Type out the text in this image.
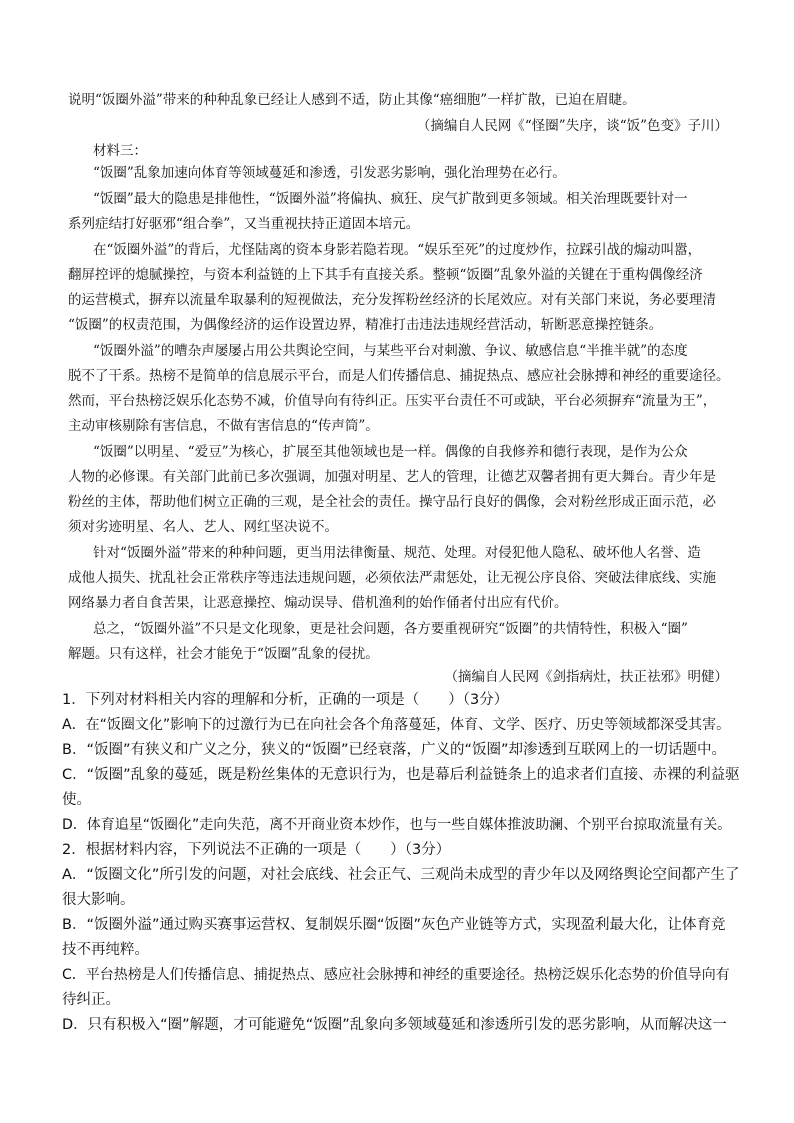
说明“饭圈外溢”带来的种种乱象已经让人感到不适，防止其像“癌细胞”一样扩散，已迫在眉睫。
（摘编自人民网《“怪圈”失序，谈“饭”色变》子川）
材料三：
“饭圈”乱象加速向体育等领域蔓延和渗透，引发恶劣影响，强化治理势在必行。
“饭圈”最大的隐患是排他性，“饭圈外溢”将偏执、疯狂、戾气扩散到更多领域。相关治理既要针对一
系列症结打好驱邪“组合拳”，又当重视扶持正道固本培元。
在“饭圈外溢”的背后，尤怪陆离的资本身影若隐若现。“娱乐至死”的过度炒作，拉踩引战的煽动叫嚣，
翻屏控评的熄腻操控，与资本利益链的上下其手有直接关系。整顿“饭圈”乱象外溢的关键在于重构偶像经济
的运营模式，摒弃以流量牟取暴利的短视做法，充分发挥粉丝经济的长尾效应。对有关部门来说，务必要理清
“饭圈”的权责范围，为偶像经济的运作设置边界，精准打击违法违规经营活动，斩断恶意操控链条。
“饭圈外溢”的嘈杂声屡屡占用公共舆论空间，与某些平台对刺激、争议、敏感信息“半推半就”的态度
脱不了干系。热榜不是简单的信息展示平台，而是人们传播信息、捕捉热点、感应社会脉搏和神经的重要途径。
然而，平台热榜泛娱乐化态势不减，价值导向有待纠正。压实平台责任不可或缺，平台必须摒弃“流量为王”，
主动审核剔除有害信息，不做有害信息的“传声筒”。
“饭圈”以明星、“爱豆”为核心，扩展至其他领域也是一样。偶像的自我修养和德行表现，是作为公众
人物的必修课。有关部门此前已多次强调，加强对明星、艺人的管理，让德艺双馨者拥有更大舞台。青少年是
粉丝的主体，帮助他们树立正确的三观，是全社会的责任。操守品行良好的偶像，会对粉丝形成正面示范，必
须对劣迹明星、名人、艺人、网红坚决说不。
针对“饭圈外溢”带来的种种问题，更当用法律衡量、规范、处理。对侵犯他人隐私、破坏他人名誉、造
成他人损失、扰乱社会正常秩序等违法违规问题，必须依法严肃惩处，让无视公序良俗、突破法律底线、实施
网络暴力者自食苦果，让恶意操控、煽动误导、借机渔利的始作俑者付出应有代价。
总之，“饭圈外溢”不只是文化现象，更是社会问题，各方要重视研究“饭圈”的共情特性，积极入“圈”
解题。只有这样，社会才能免于“饭圈”乱象的侵扰。
（摘编自人民网《剑指病灶，扶正祛邪》明健）
1．下列对材料相关内容的理解和分析，正确的一项是（　　）（3分）
A．在“饭圈文化”影响下的过激行为已在向社会各个角落蔓延，体育、文学、医疗、历史等领域都深受其害。
B．“饭圈”有狭义和广义之分，狭义的“饭圈”已经衰落，广义的“饭圈”却渗透到互联网上的一切话题中。
C．“饭圈”乱象的蔓延，既是粉丝集体的无意识行为，也是幕后利益链条上的追求者们直接、赤裸的利益驱
使。
D．体育追星“饭圈化”走向失范，离不开商业资本炒作，也与一些自媒体推波助澜、个别平台掠取流量有关。
2．根据材料内容，下列说法不正确的一项是（　　）（3分）
A．“饭圈文化”所引发的问题，对社会底线、社会正气、三观尚未成型的青少年以及网络舆论空间都产生了
很大影响。
B．“饭圈外溢”通过购买赛事运营权、复制娱乐圈“饭圈”灰色产业链等方式，实现盈利最大化，让体育竞
技不再纯粹。
C．平台热榜是人们传播信息、捕捉热点、感应社会脉搏和神经的重要途径。热榜泛娱乐化态势的价值导向有
待纠正。
D．只有积极入“圈”解题，才可能避免“饭圈”乱象向多领域蔓延和渗透所引发的恶劣影响，从而解决这一
